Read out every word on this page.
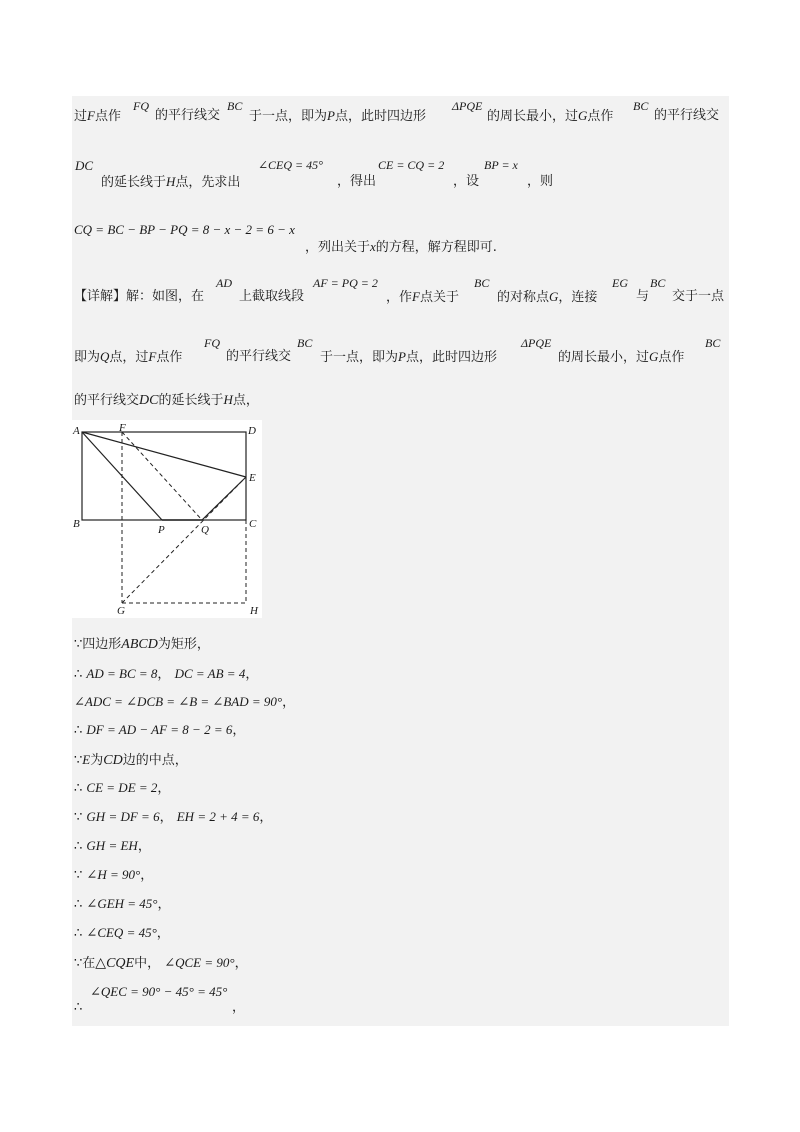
FQ	BC	ΔPQE	BC
过F点作	的平行线交 于一点，即为P点，此时四边形	的周长最小，过G点作	的平行线交
DC	∠CEQ = 45°	CE = CQ = 2	BP = x
的延长线于H点，先求出	，得出	，设	，则
CQ = BC − BP − PQ = 8 − x − 2 = 6 − x
，列出关于x的方程，解方程即可.
AD	AF = PQ = 2	BC	EG BC
【详解】解：如图，在	上截取线段	，作F点关于	的对称点G，连接	与 交于一点
FQ	BC	ΔPQE	BC
即为Q点，过F点作	的平行线交 于一点，即为P点，此时四边形	的周长最小，过G点作
的平行线交DC的延长线于H点，
A	F	D
E
B	P	Q	C
G	H
∵四边形ABCD为矩形，
∴ AD = BC = 8， DC = AB = 4，
∠ADC = ∠DCB = ∠B = ∠BAD = 90°，
∴ DF = AD − AF = 8 − 2 = 6，
∵E为CD边的中点，
∴ CE = DE = 2，
∵ GH = DF = 6， EH = 2 + 4 = 6，
∴ GH = EH，
∵ ∠H = 90°，
∴ ∠GEH = 45°，
∴ ∠CEQ = 45°，
∵在△CQE中， ∠QCE = 90°，
∠QEC = 90° − 45° = 45°
∴	，
